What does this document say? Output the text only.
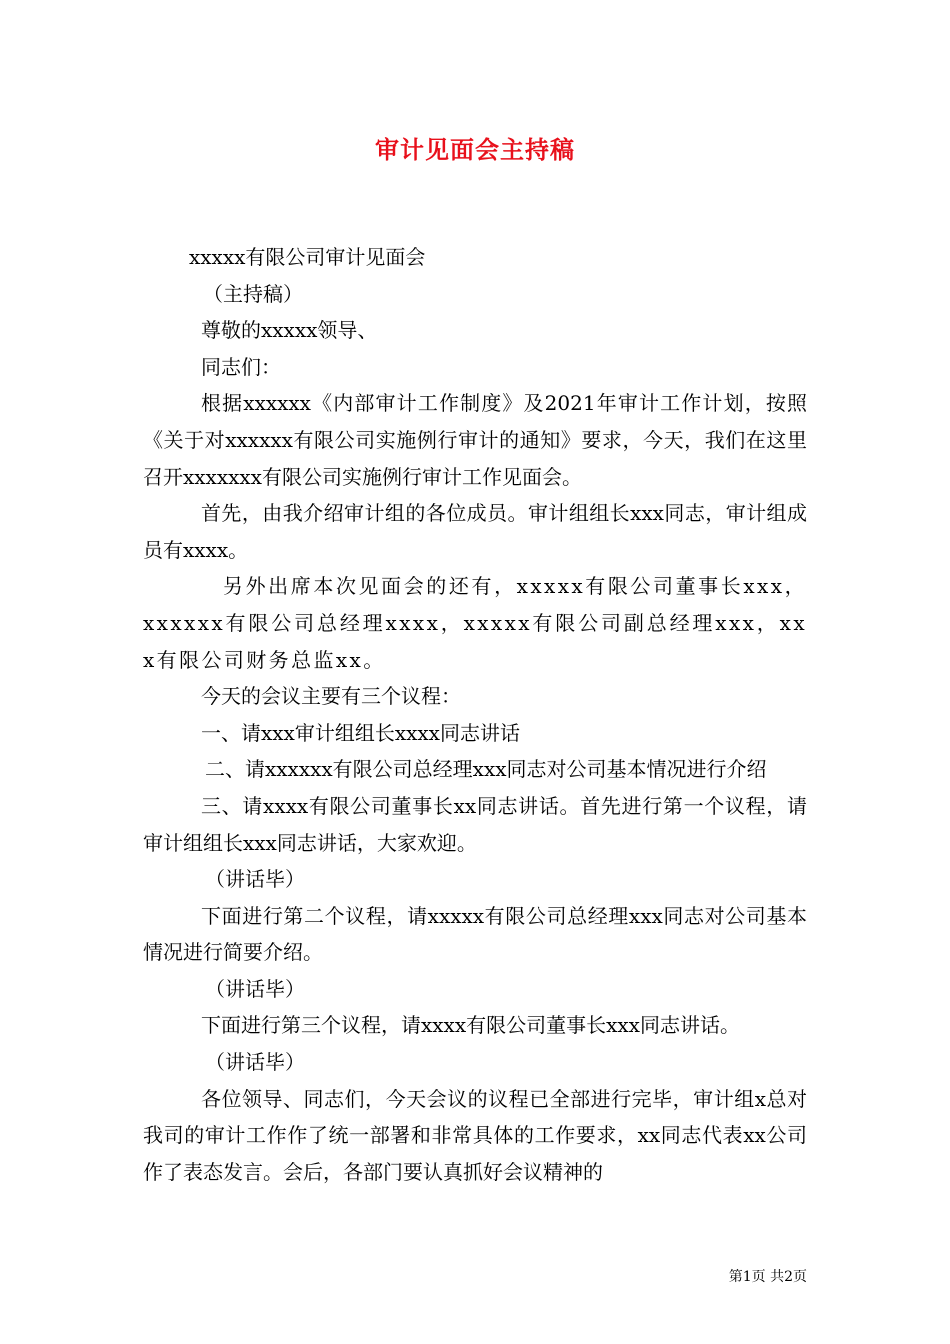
审计见面会主持稿

xxxxx有限公司审计见面会

（主持稿）

尊敬的xxxxx领导、

同志们：

根据xxxxxx《内部审计工作制度》及2021年审计工作计划，按照《关于对xxxxxx有限公司实施例行审计的通知》要求，今天，我们在这里召开xxxxxxx有限公司实施例行审计工作见面会。

首先，由我介绍审计组的各位成员。审计组组长xxx同志，审计组成员有xxxx。

另外出席本次见面会的还有，xxxxx有限公司董事长xxx，xxxxxx有限公司总经理xxxx，xxxxx有限公司副总经理xxx，xxx有限公司财务总监xx。

今天的会议主要有三个议程：

一、请xxx审计组组长xxxx同志讲话

二、请xxxxxx有限公司总经理xxx同志对公司基本情况进行介绍

三、请xxxx有限公司董事长xx同志讲话。首先进行第一个议程，请审计组组长xxx同志讲话，大家欢迎。

（讲话毕）

下面进行第二个议程，请xxxxx有限公司总经理xxx同志对公司基本情况进行简要介绍。

（讲话毕）

下面进行第三个议程，请xxxx有限公司董事长xxx同志讲话。

（讲话毕）

各位领导、同志们，今天会议的议程已全部进行完毕，审计组x总对我司的审计工作作了统一部署和非常具体的工作要求，xx同志代表xx公司作了表态发言。会后，各部门要认真抓好会议精神的

第1页 共2页
